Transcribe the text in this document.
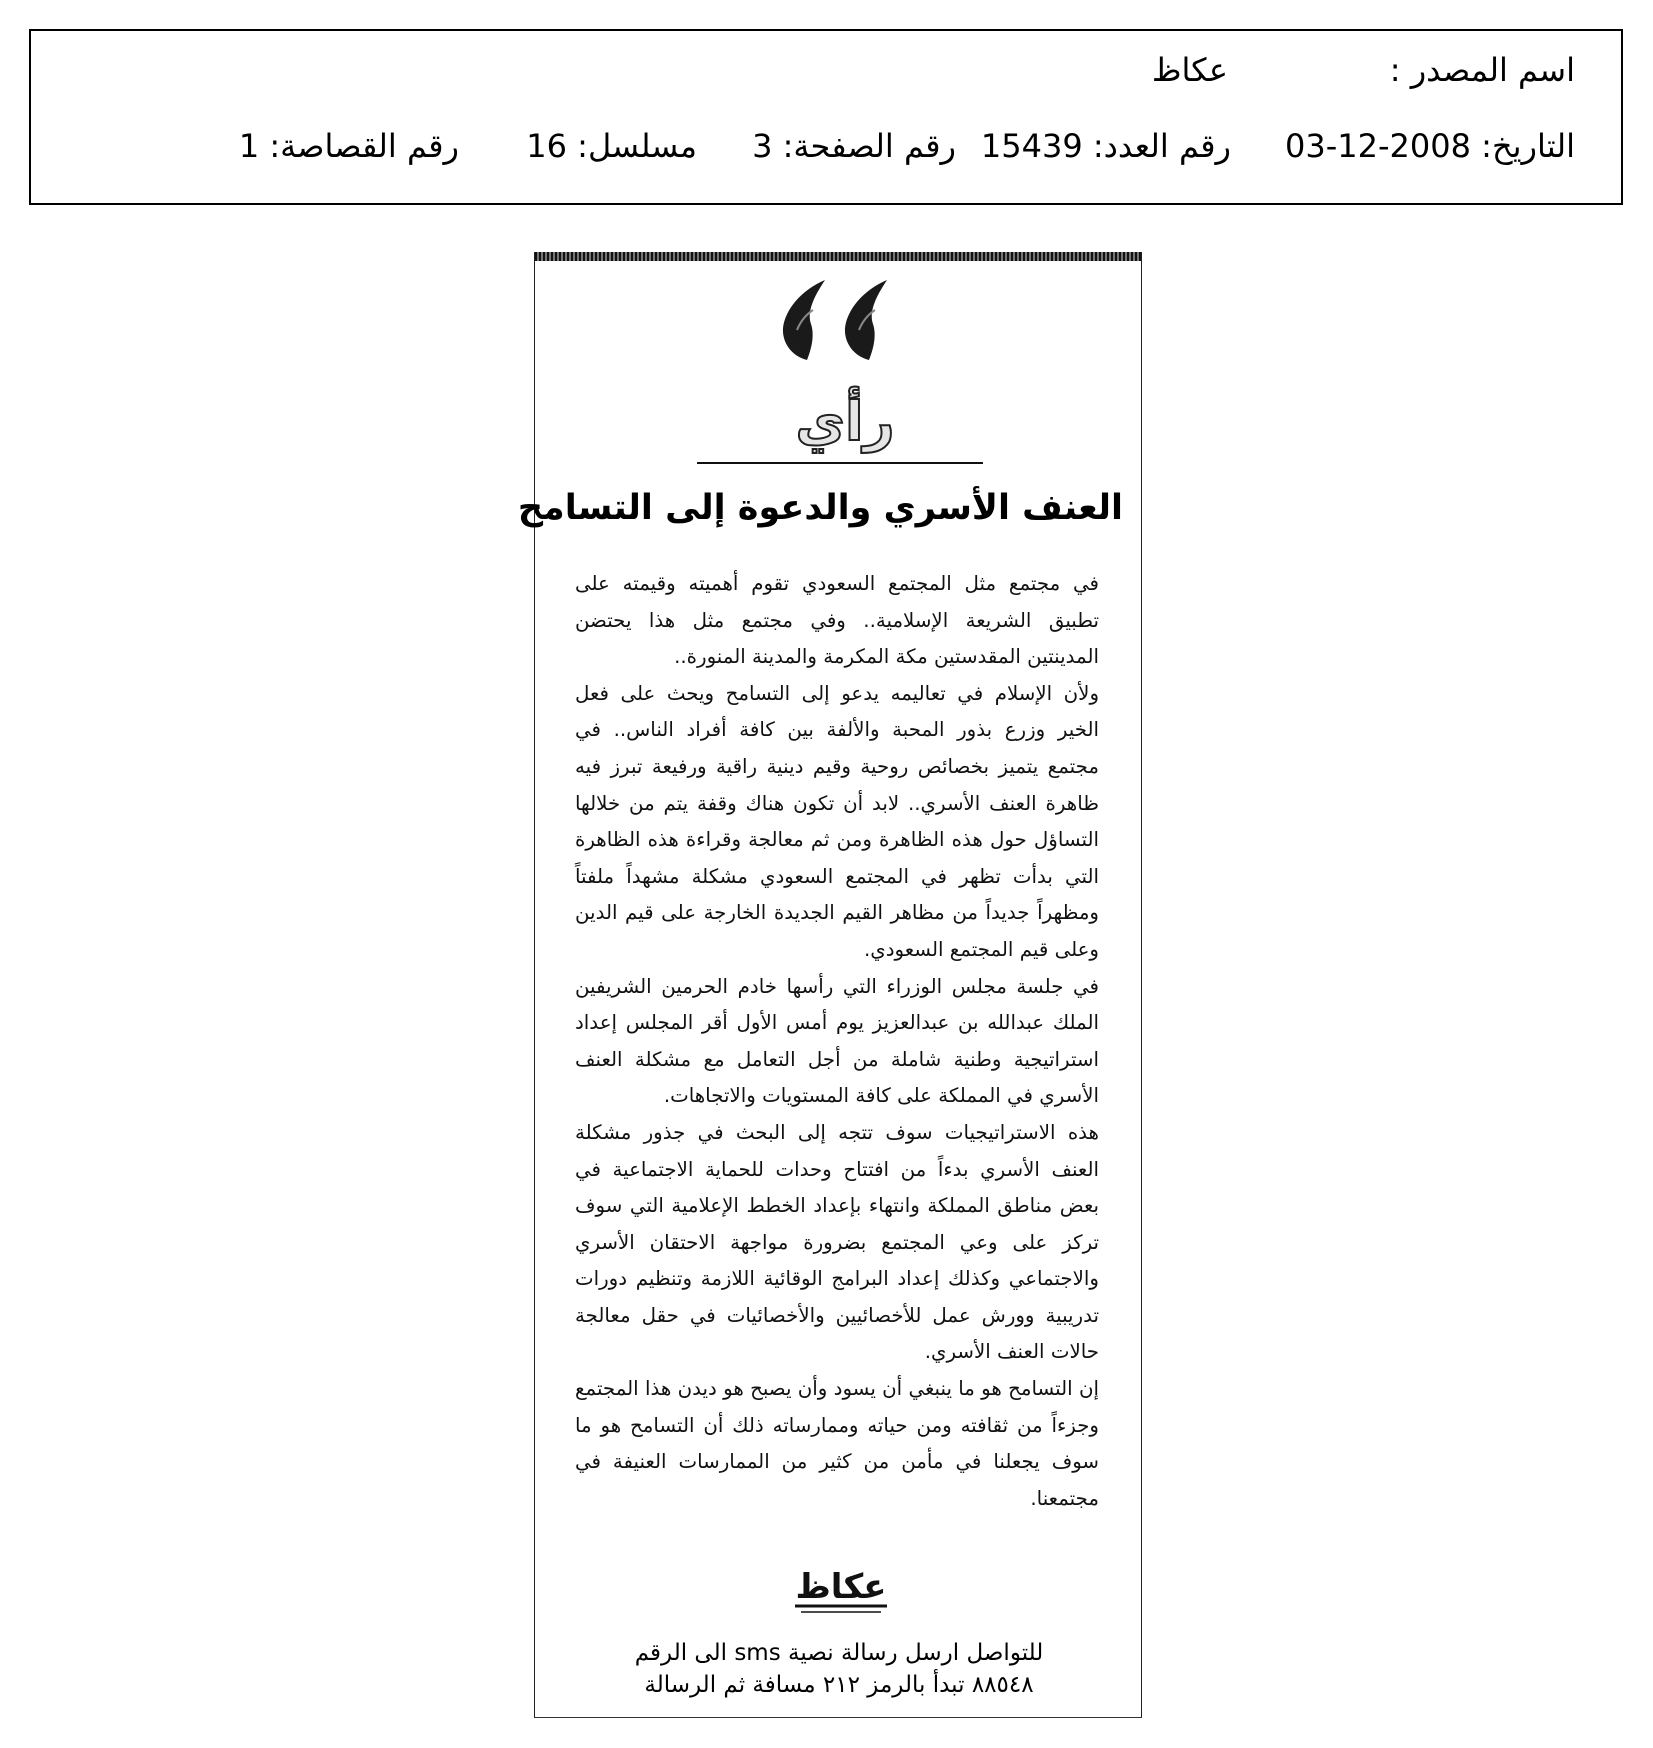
اسم المصدر :
عكاظ
التاريخ: 2008-12-03
رقم العدد: 15439
رقم الصفحة: 3
مسلسل: 16
رقم القصاصة: 1
رأي
العنف الأسري والدعوة إلى التسامح

في مجتمع مثل المجتمع السعودي تقوم أهميته وقيمته على تطبيق الشريعة الإسلامية.. وفي مجتمع مثل هذا يحتضن المدينتين المقدستين مكة المكرمة والمدينة المنورة..

ولأن الإسلام في تعاليمه يدعو إلى التسامح ويحث على فعل الخير وزرع بذور المحبة والألفة بين كافة أفراد الناس.. في مجتمع يتميز بخصائص روحية وقيم دينية راقية ورفيعة تبرز فيه ظاهرة العنف الأسري.. لابد أن تكون هناك وقفة يتم من خلالها التساؤل حول هذه الظاهرة ومن ثم معالجة وقراءة هذه الظاهرة التي بدأت تظهر في المجتمع السعودي مشكلة مشهداً ملفتاً ومظهراً جديداً من مظاهر القيم الجديدة الخارجة على قيم الدين وعلى قيم المجتمع السعودي.

في جلسة مجلس الوزراء التي رأسها خادم الحرمين الشريفين الملك عبدالله بن عبدالعزيز يوم أمس الأول أقر المجلس إعداد استراتيجية وطنية شاملة من أجل التعامل مع مشكلة العنف الأسري في المملكة على كافة المستويات والاتجاهات.

هذه الاستراتيجيات سوف تتجه إلى البحث في جذور مشكلة العنف الأسري بدءاً من افتتاح وحدات للحماية الاجتماعية في بعض مناطق المملكة وانتهاء بإعداد الخطط الإعلامية التي سوف تركز على وعي المجتمع بضرورة مواجهة الاحتقان الأسري والاجتماعي وكذلك إعداد البرامج الوقائية اللازمة وتنظيم دورات تدريبية وورش عمل للأخصائيين والأخصائيات في حقل معالجة حالات العنف الأسري.

إن التسامح هو ما ينبغي أن يسود وأن يصبح هو ديدن هذا المجتمع وجزءاً من ثقافته ومن حياته وممارساته ذلك أن التسامح هو ما سوف يجعلنا في مأمن من كثير من الممارسات العنيفة في مجتمعنا.

عكاظ
للتواصل ارسل رسالة نصية sms الى الرقم
٨٨٥٤٨ تبدأ بالرمز ٢١٢ مسافة ثم الرسالة
